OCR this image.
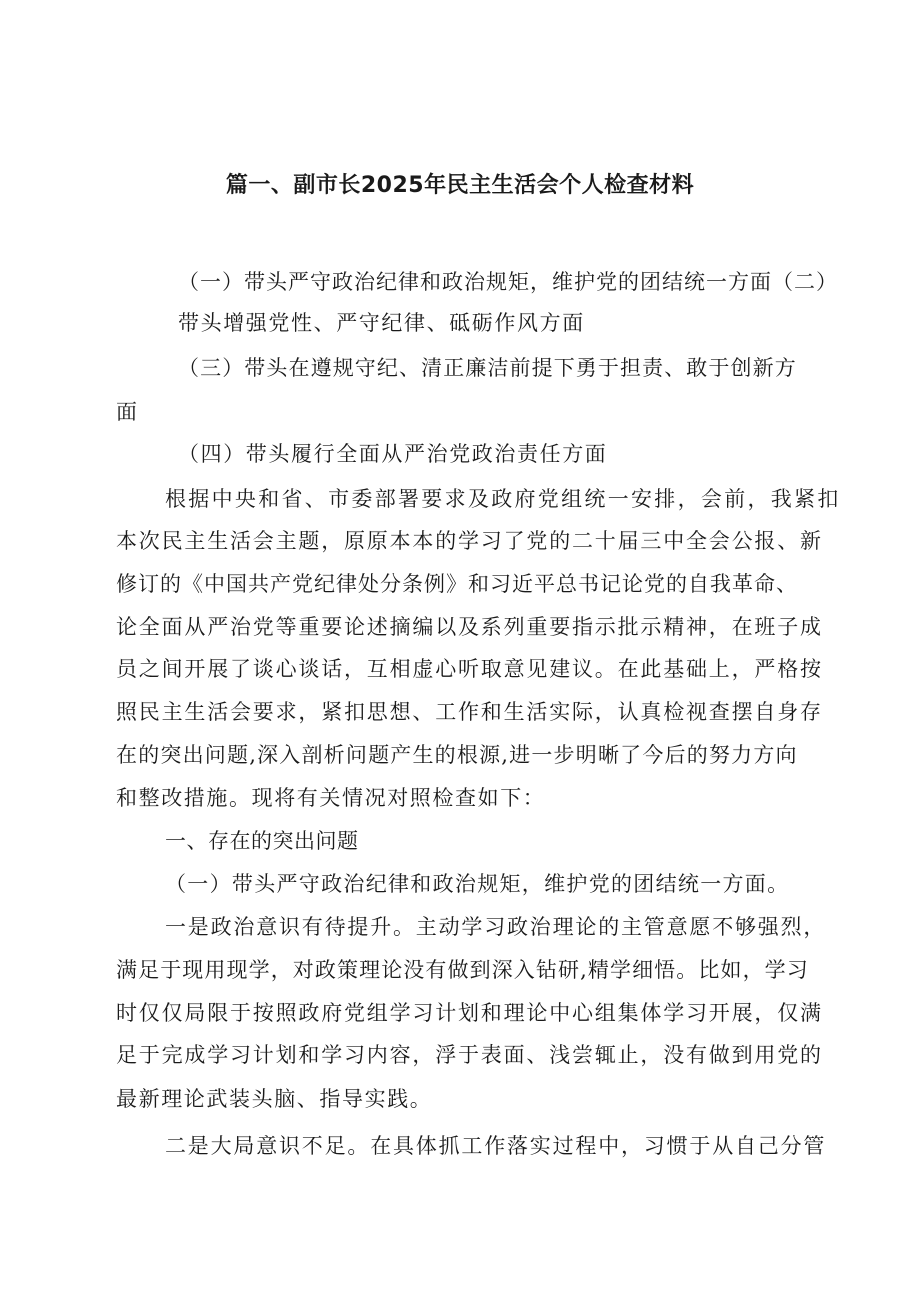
篇一、副市长2025年民主生活会个人检查材料
（一）带头严守政治纪律和政治规矩，维护党的团结统一方面（二）
带头增强党性、严守纪律、砥砺作风方面
（三）带头在遵规守纪、清正廉洁前提下勇于担责、敢于创新方
面
（四）带头履行全面从严治党政治责任方面
根据中央和省、市委部署要求及政府党组统一安排，会前，我紧扣
本次民主生活会主题，原原本本的学习了党的二十届三中全会公报、新
修订的《中国共产党纪律处分条例》和习近平总书记论党的自我革命、
论全面从严治党等重要论述摘编以及系列重要指示批示精神，在班子成
员之间开展了谈心谈话，互相虚心听取意见建议。在此基础上，严格按
照民主生活会要求，紧扣思想、工作和生活实际，认真检视查摆自身存
在的突出问题,深入剖析问题产生的根源,进一步明晰了今后的努力方向
和整改措施。现将有关情况对照检查如下：
一、存在的突出问题
（一）带头严守政治纪律和政治规矩，维护党的团结统一方面。
一是政治意识有待提升。主动学习政治理论的主管意愿不够强烈，
满足于现用现学，对政策理论没有做到深入钻研,精学细悟。比如，学习
时仅仅局限于按照政府党组学习计划和理论中心组集体学习开展，仅满
足于完成学习计划和学习内容，浮于表面、浅尝辄止，没有做到用党的
最新理论武装头脑、指导实践。
二是大局意识不足。在具体抓工作落实过程中，习惯于从自己分管
